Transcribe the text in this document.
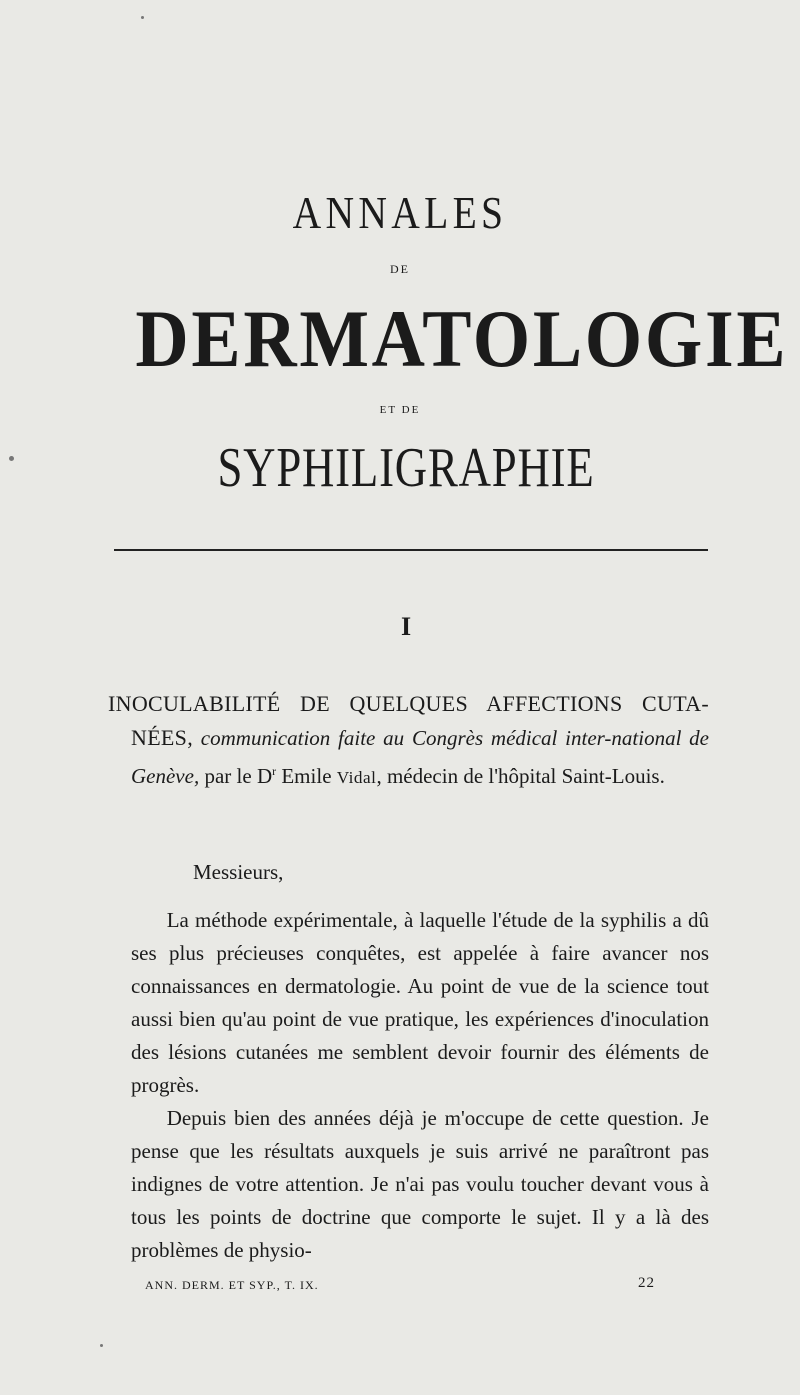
ANNALES
DE
DERMATOLOGIE
ET DE
SYPHILIGRAPHIE
I

INOCULABILITÉ DE QUELQUES AFFECTIONS CUTA-NÉES, communication faite au Congrès médical inter-national de Genève, par le $D^r$ Emile Vidal, médecin de l'hôpital Saint-Louis.

Messieurs,

La méthode expérimentale, à laquelle l'étude de la syphilis a dû ses plus précieuses conquêtes, est appelée à faire avancer nos connaissances en dermatologie. Au point de vue de la science tout aussi bien qu'au point de vue pratique, les expériences d'inoculation des lésions cutanées me semblent devoir fournir des éléments de progrès.

Depuis bien des années déjà je m'occupe de cette question. Je pense que les résultats auxquels je suis arrivé ne paraîtront pas indignes de votre attention. Je n'ai pas voulu toucher devant vous à tous les points de doctrine que comporte le sujet. Il y a là des problèmes de physio-

ANN. DERM. ET SYP., T. IX.	22
